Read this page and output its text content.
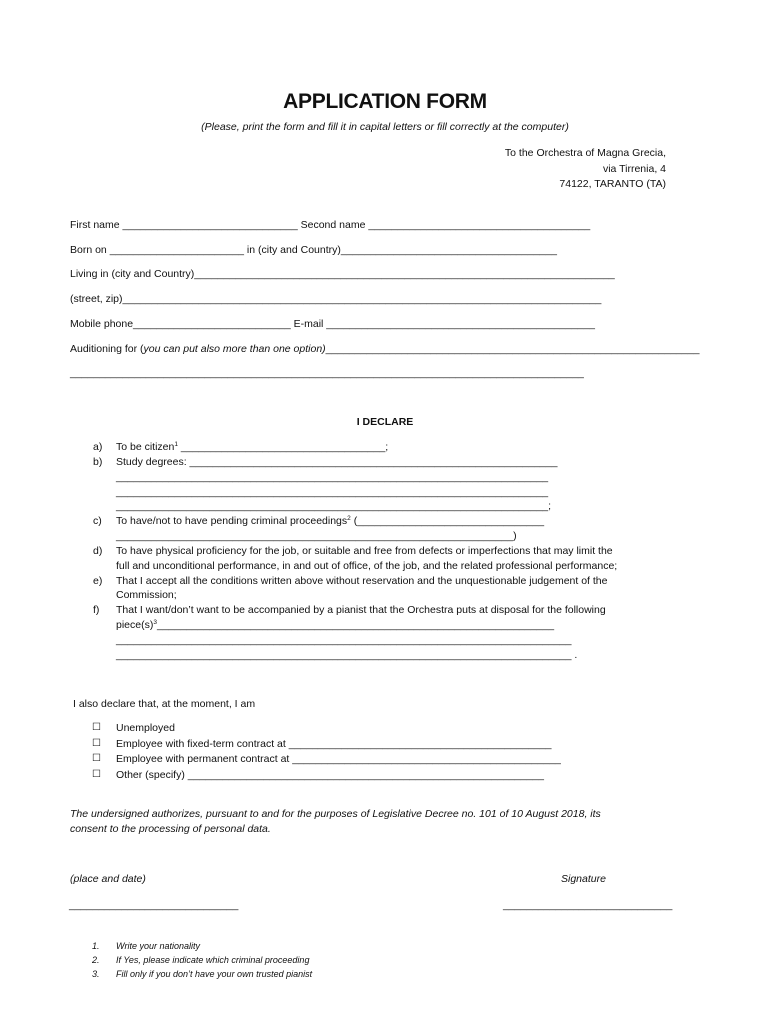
APPLICATION FORM
(Please, print the form and fill it in capital letters or fill correctly at the computer)
To the Orchestra of Magna Grecia,
via Tirrenia, 4
74122, TARANTO (TA)
First name ______________________________ Second name ______________________________________
Born on _______________________ in (city and Country)_____________________________________
Living in (city and Country)________________________________________________________________________
(street, zip)__________________________________________________________________________________
Mobile phone___________________________ E-mail ______________________________________________
Auditioning for (you can put also more than one option)________________________________________________________________
________________________________________________________________________________________
I DECLARE
a) To be citizen$^1$ ___________________________________;
b) Study degrees: _______________________________________________________________
__________________________________________________________________________
__________________________________________________________________________
__________________________________________________________________________;
c) To have/not to have pending criminal proceedings$^2$ (________________________________
____________________________________________________________________)
d) To have physical proficiency for the job, or suitable and free from defects or imperfections that may limit the
full and unconditional performance, in and out of office, of the job, and the related professional performance;
e) That I accept all the conditions written above without reservation and the unquestionable judgement of the
Commission;
f) That I want/don’t want to be accompanied by a pianist that the Orchestra puts at disposal for the following
$piece(s)^3\_\_\_\_\_\_\_\_\_\_\_\_\_\_\_\_\_\_\_\_\_\_\_\_\_\_\_\_\_\_\_\_\_\_\_\_\_\_\_\_\_\_\_\_\_\_\_\_\_\_\_\_\_\_\_\_\_\_\_\_\_\_\_\_\_\_\_\_$
______________________________________________________________________________
______________________________________________________________________________ .
I also declare that, at the moment, I am
☐ Unemployed
☐ Employee with fixed-term contract at _____________________________________________
☐ Employee with permanent contract at ______________________________________________
☐ Other (specify) _____________________________________________________________
The undersigned authorizes, pursuant to and for the purposes of Legislative Decree no. 101 of 10 August 2018, its
consent to the processing of personal data.
(place and date)	Signature
_____________________________	_____________________________
1. Write your nationality
2. If Yes, please indicate which criminal proceeding
3. Fill only if you don’t have your own trusted pianist
